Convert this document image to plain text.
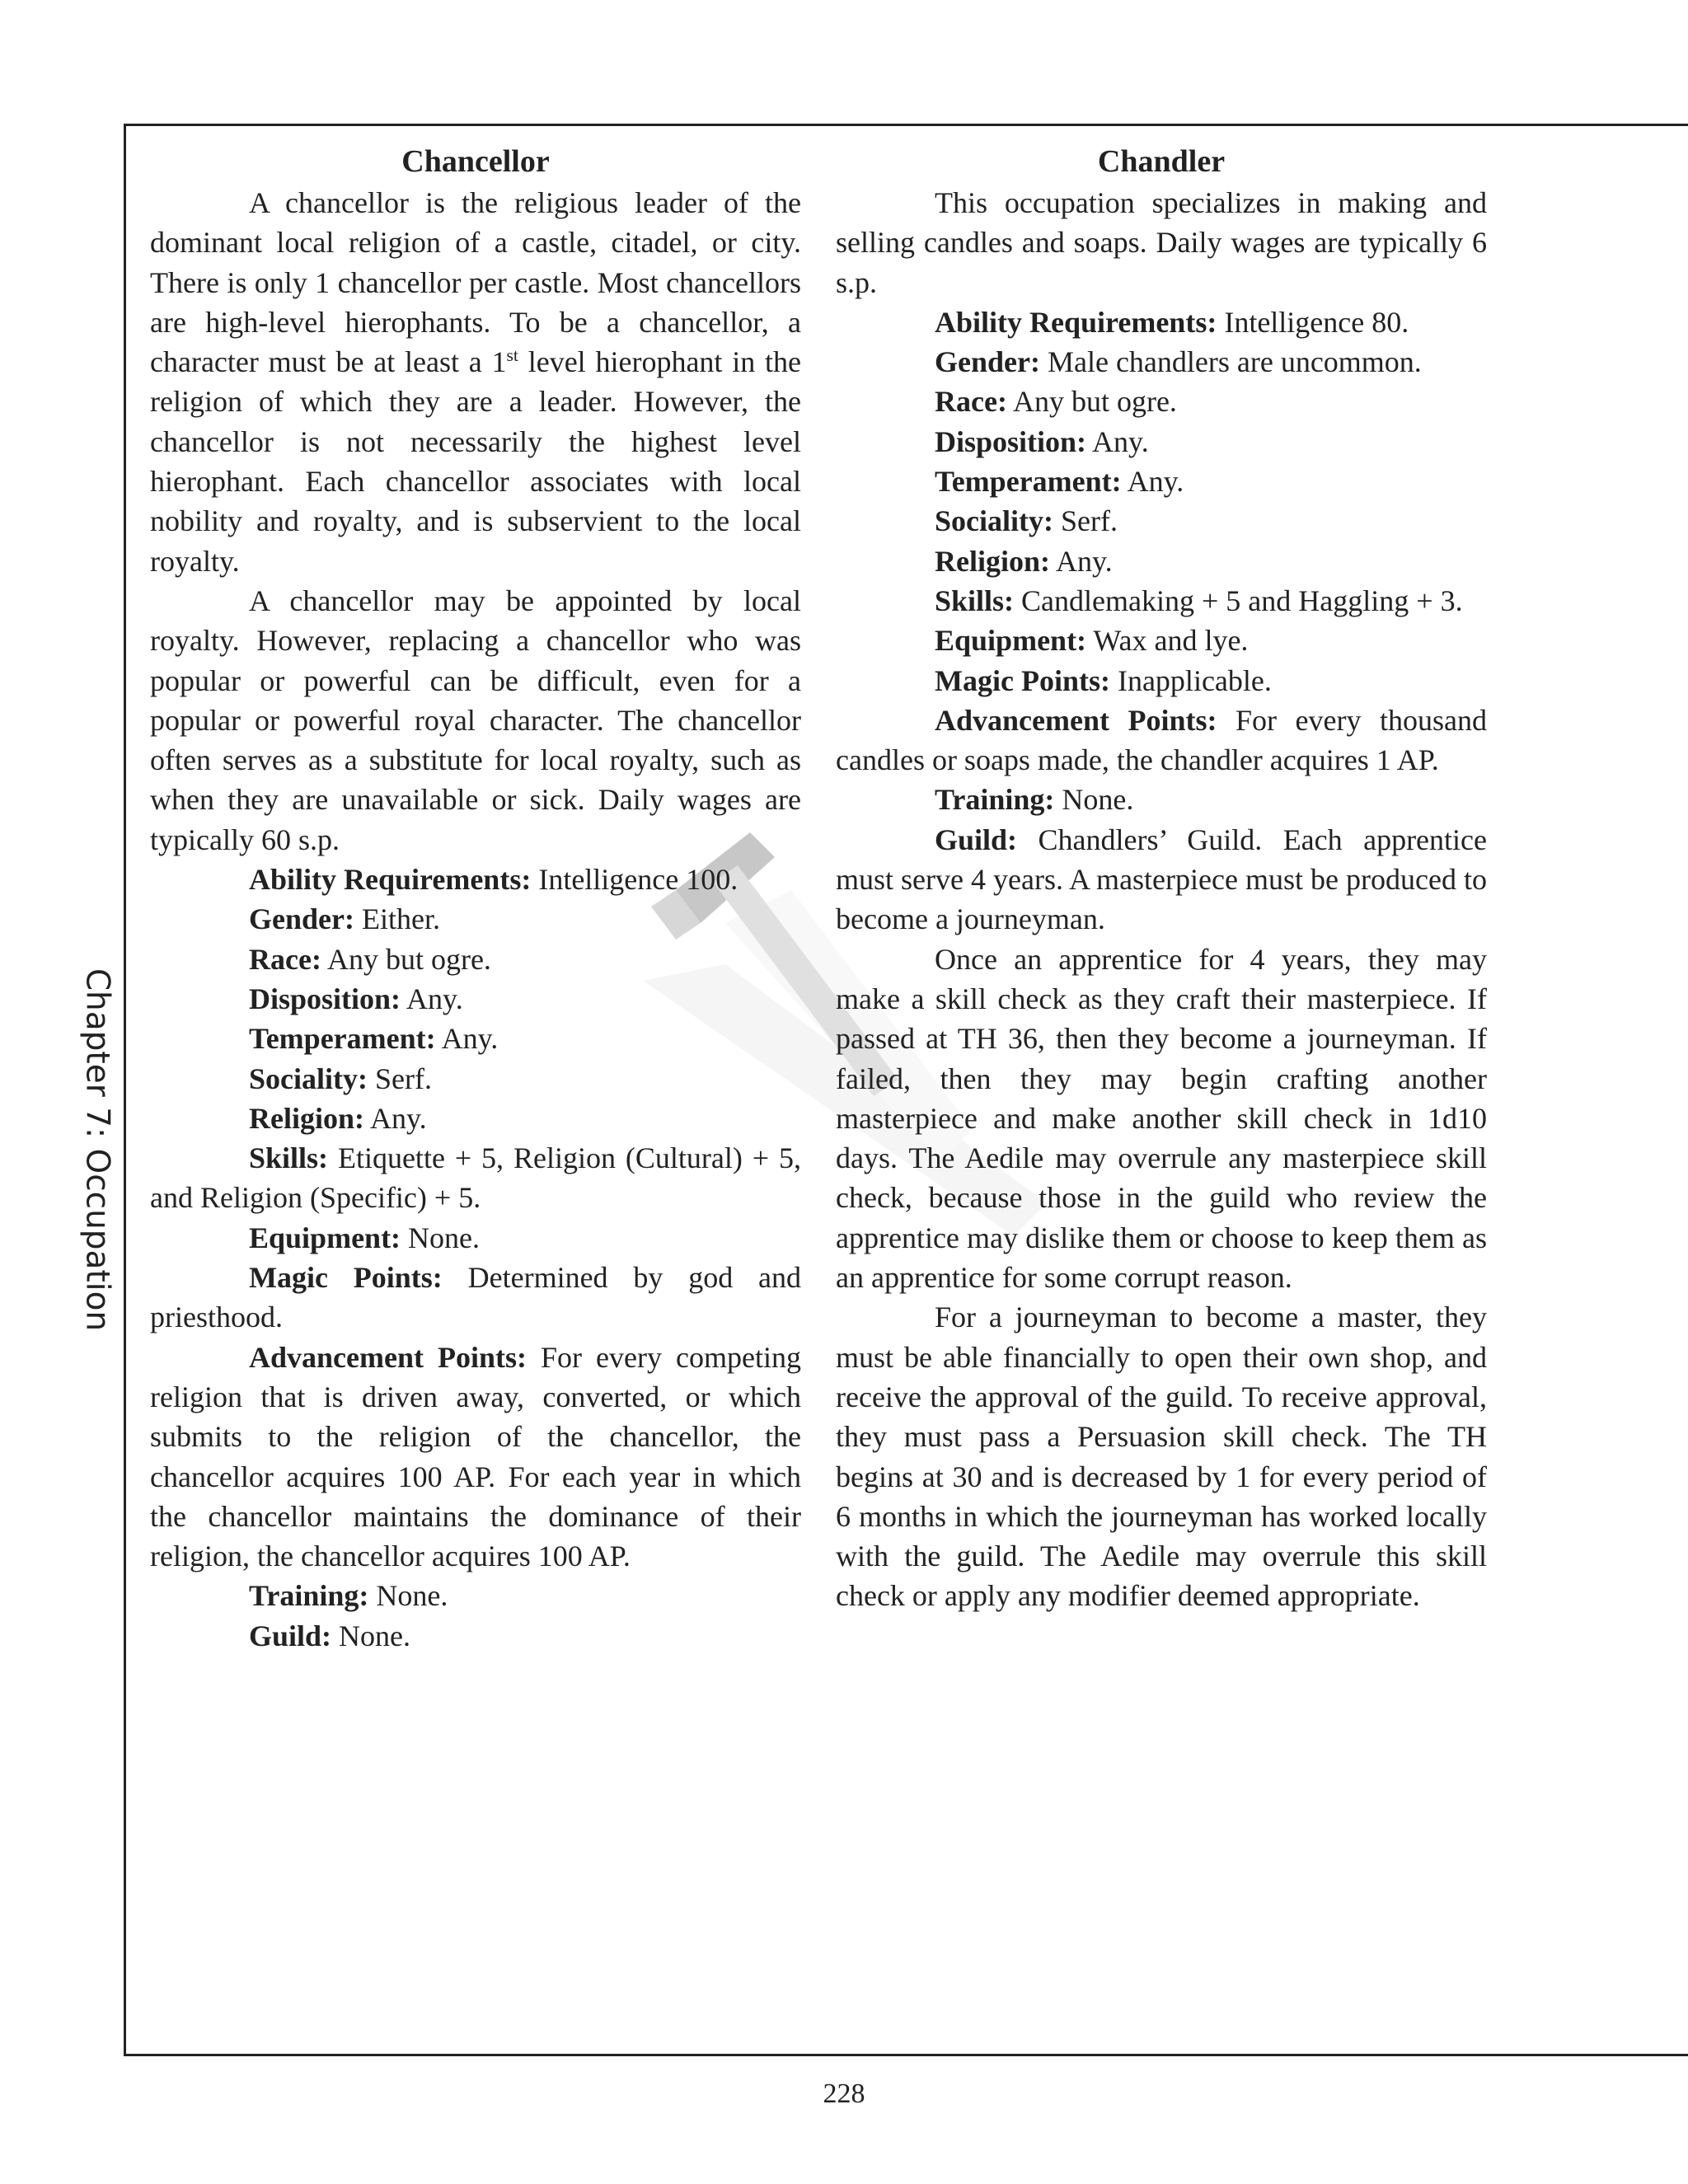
Chapter 7: Occupation
Chancellor

A chancellor is the religious leader of the dominant local religion of a castle, citadel, or city. There is only 1 chancellor per castle. Most chancellors are high-level hierophants. To be a chancellor, a character must be at least a 1st level hierophant in the religion of which they are a leader. However, the chancellor is not necessarily the highest level hierophant. Each chancellor associates with local nobility and royalty, and is subservient to the local royalty.

A chancellor may be appointed by local royalty. However, replacing a chancellor who was popular or powerful can be difficult, even for a popular or powerful royal character. The chancellor often serves as a substitute for local royalty, such as when they are unavailable or sick. Daily wages are typically 60 s.p.

Ability Requirements: Intelligence 100.

Gender: Either.

Race: Any but ogre.

Disposition: Any.

Temperament: Any.

Sociality: Serf.

Religion: Any.

Skills: Etiquette + 5, Religion (Cultural) + 5, and Religion (Specific) + 5.

Equipment: None.

Magic Points: Determined by god and priesthood.

Advancement Points: For every competing religion that is driven away, converted, or which submits to the religion of the chancellor, the chancellor acquires 100 AP. For each year in which the chancellor maintains the dominance of their religion, the chancellor acquires 100 AP.

Training: None.

Guild: None.

Chandler

This occupation specializes in making and selling candles and soaps. Daily wages are typically 6 s.p.

Ability Requirements: Intelligence 80.

Gender: Male chandlers are uncommon.

Race: Any but ogre.

Disposition: Any.

Temperament: Any.

Sociality: Serf.

Religion: Any.

Skills: Candlemaking + 5 and Haggling + 3.

Equipment: Wax and lye.

Magic Points: Inapplicable.

Advancement Points: For every thousand candles or soaps made, the chandler acquires 1 AP.

Training: None.

Guild: Chandlers’ Guild. Each apprentice must serve 4 years. A masterpiece must be produced to become a journeyman.

Once an apprentice for 4 years, they may make a skill check as they craft their masterpiece. If passed at TH 36, then they become a journeyman. If failed, then they may begin crafting another masterpiece and make another skill check in 1d10 days. The Aedile may overrule any masterpiece skill check, because those in the guild who review the apprentice may dislike them or choose to keep them as an apprentice for some corrupt reason.

For a journeyman to become a master, they must be able financially to open their own shop, and receive the approval of the guild. To receive approval, they must pass a Persuasion skill check. The TH begins at 30 and is decreased by 1 for every period of 6 months in which the journeyman has worked locally with the guild. The Aedile may overrule this skill check or apply any modifier deemed appropriate.

228
